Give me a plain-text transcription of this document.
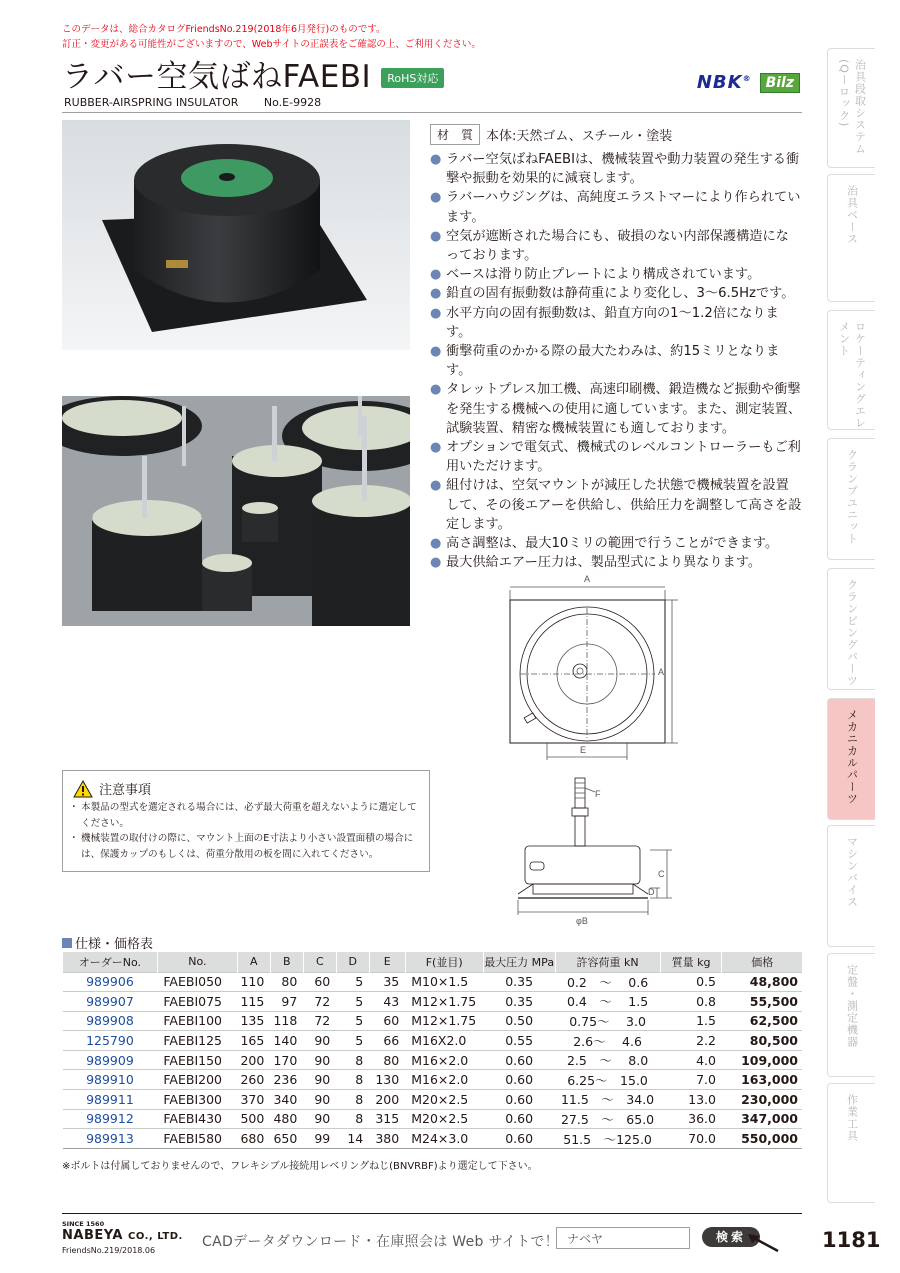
このデータは、総合カタログFriendsNo.219(2018年6月発行)のものです。
訂正・変更がある可能性がございますので、Webサイトの正誤表をご確認の上、ご利用ください。
ラバー空気ばねFAEBI	RoHS対応
RUBBER-AIRSPRING INSULATOR No.E-9928
NBK®	Bilz
材　質	本体:天然ゴム、スチール・塗装
● ラバー空気ばねFAEBIは、機械装置や動力装置の発生する衝撃や振動を効果的に減衰します。
● ラバーハウジングは、高純度エラストマーにより作られています。
● 空気が遮断された場合にも、破損のない内部保護構造になっております。
● ベースは滑り防止プレートにより構成されています。
● 鉛直の固有振動数は静荷重により変化し、3～6.5Hzです。
● 水平方向の固有振動数は、鉛直方向の1～1.2倍になります。
● 衝撃荷重のかかる際の最大たわみは、約15ミリとなります。
● タレットプレス加工機、高速印刷機、鍛造機など振動や衝撃を発生する機械への使用に適しています。また、測定装置、試験装置、精密な機械装置にも適しております。
● オプションで電気式、機械式のレベルコントローラーもご利用いただけます。
● 組付けは、空気マウントが減圧した状態で機械装置を設置して、その後エアーを供給し、供給圧力を調整して高さを設定します。
● 高さ調整は、最大10ミリの範囲で行うことができます。
● 最大供給エアー圧力は、製品型式により異なります。
A
A
E
F
C
D
φB
注意事項
・ 本製品の型式を選定される場合には、必ず最大荷重を超えないように選定してください。
・ 機械装置の取付けの際に、マウント上面のE寸法より小さい設置面積の場合には、保護カップのもしくは、荷重分散用の板を間に入れてください。
仕様・価格表
オーダーNo.	No.	A	B	C	D	E	F(並目)	最大圧力 MPa	許容荷重 kN	質量 kg	価格
989906	FAEBI050	110	80	60	5	35	M10×1.5	0.35	0.2　～　 0.6	0.5	48,800
989907	FAEBI075	115	97	72	5	43	M12×1.75	0.35	0.4　～　 1.5	0.8	55,500
989908	FAEBI100	135	118	72	5	60	M12×1.75	0.50	0.75～　 3.0	1.5	62,500
125790	FAEBI125	165	140	90	5	66	M16X2.0	0.55	2.6～　 4.6	2.2	80,500
989909	FAEBI150	200	170	90	8	80	M16×2.0	0.60	2.5　～　 8.0	4.0	109,000
989910	FAEBI200	260	236	90	8	130	M16×2.0	0.60	6.25～　15.0	7.0	163,000
989911	FAEBI300	370	340	90	8	200	M20×2.5	0.60	11.5　～　34.0	13.0	230,000
989912	FAEBI430	500	480	90	8	315	M20×2.5	0.60	27.5　～　65.0	36.0	347,000
989913	FAEBI580	680	650	99	14	380	M24×3.0	0.60	51.5　～125.0	70.0	550,000
※ボルトは付属しておりませんので、フレキシブル接続用レベリングねじ(BNVRBF)より選定して下さい。
治具段取システム(Qーロック)
治具ベース
ロケーティングエレメント
クランプユニット
クランピングパーツ
メカニカルパーツ
マシンバイス
定盤・測定機器
作業工具
SINCE 1560
NABEYA CO., LTD.
FriendsNo.219/2018.06
CADデータダウンロード・在庫照会は Web サイトで！ ナベヤ	検索	1181
